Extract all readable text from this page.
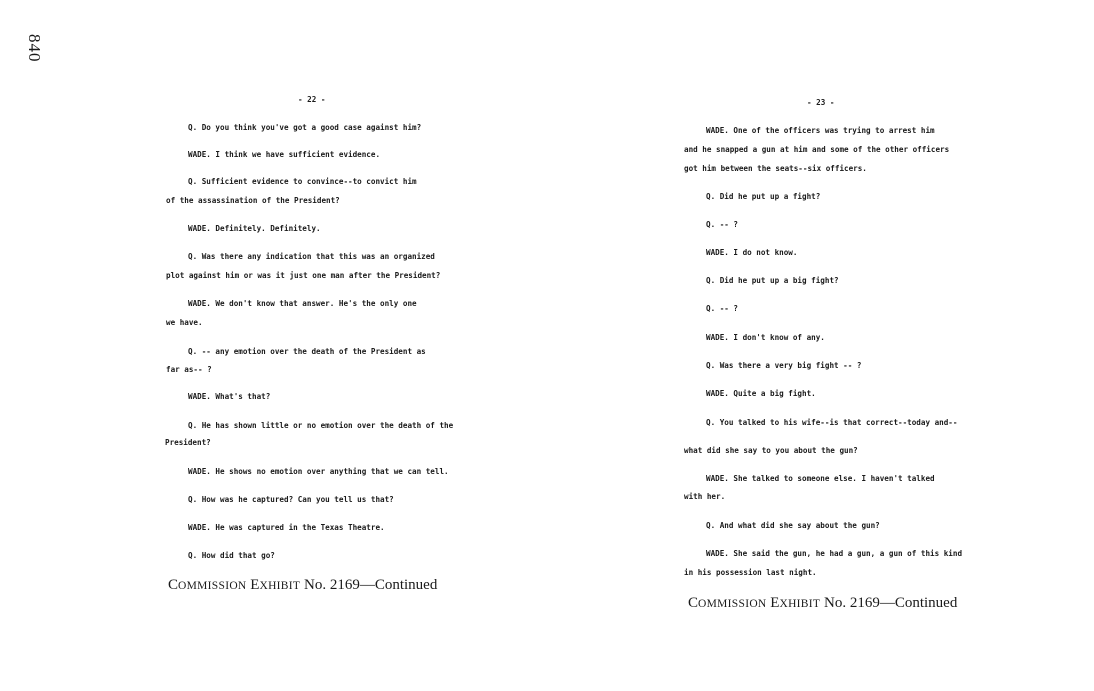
840
- 22 -
Q. Do you think you've got a good case against him?
WADE. I think we have sufficient evidence.
Q. Sufficient evidence to convince--to convict him
of the assassination of the President?
WADE. Definitely. Definitely.
Q. Was there any indication that this was an organized
plot against him or was it just one man after the President?
WADE. We don't know that answer. He's the only one
we have.
Q. -- any emotion over the death of the President as
far as-- ?
WADE. What's that?
Q. He has shown little or no emotion over the death of the
President?
WADE. He shows no emotion over anything that we can tell.
Q. How was he captured? Can you tell us that?
WADE. He was captured in the Texas Theatre.
Q. How did that go?
COMMISSION EXHIBIT No. 2169—Continued
- 23 -
WADE. One of the officers was trying to arrest him
and he snapped a gun at him and some of the other officers
got him between the seats--six officers.
Q. Did he put up a fight?
Q. -- ?
WADE. I do not know.
Q. Did he put up a big fight?
Q. -- ?
WADE. I don't know of any.
Q. Was there a very big fight -- ?
WADE. Quite a big fight.
Q. You talked to his wife--is that correct--today and--
what did she say to you about the gun?
WADE. She talked to someone else. I haven't talked
with her.
Q. And what did she say about the gun?
WADE. She said the gun, he had a gun, a gun of this kind
in his possession last night.
COMMISSION EXHIBIT No. 2169—Continued
